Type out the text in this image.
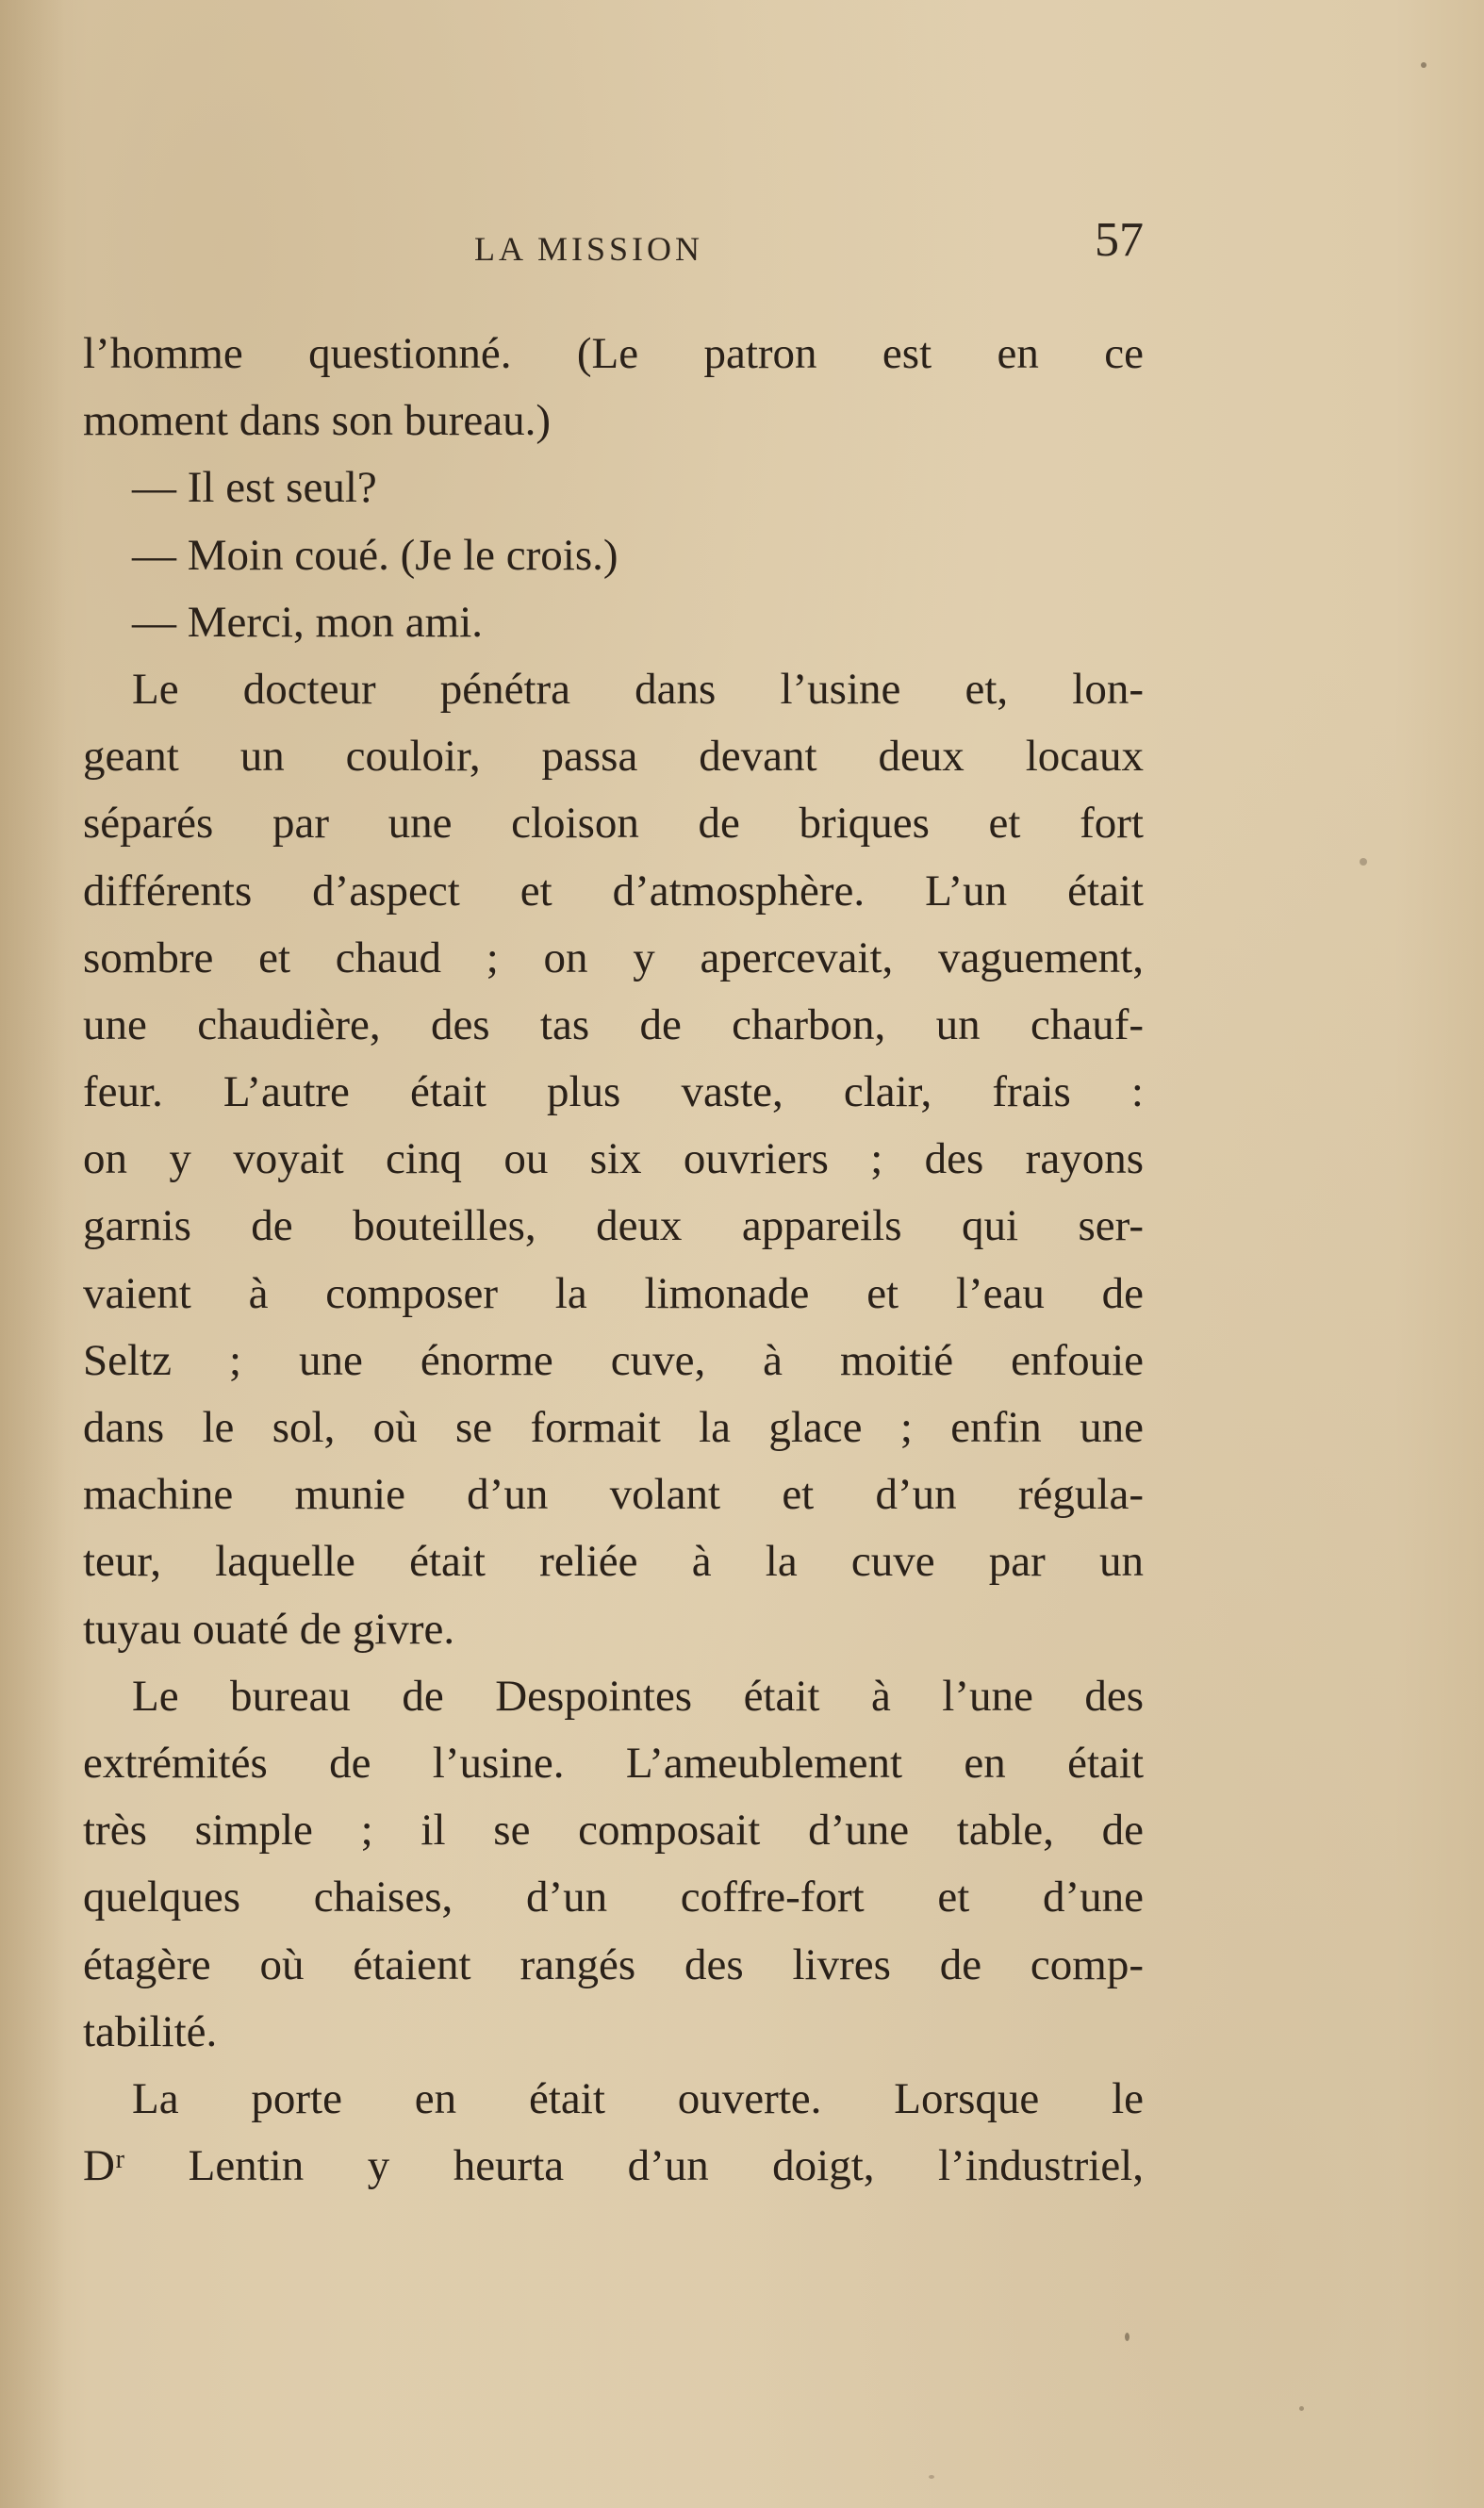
LA MISSION	57
l’homme questionné. (Le patron est en ce
moment dans son bureau.)
— Il est seul?
— Moin coué. (Je le crois.)
— Merci, mon ami.
Le docteur pénétra dans l’usine et, lon-
geant un couloir, passa devant deux locaux
séparés par une cloison de briques et fort
différents d’aspect et d’atmosphère. L’un était
sombre et chaud ; on y apercevait, vaguement,
une chaudière, des tas de charbon, un chauf-
feur. L’autre était plus vaste, clair, frais :
on y voyait cinq ou six ouvriers ; des rayons
garnis de bouteilles, deux appareils qui ser-
vaient à composer la limonade et l’eau de
Seltz ; une énorme cuve, à moitié enfouie
dans le sol, où se formait la glace ; enfin une
machine munie d’un volant et d’un régula-
teur, laquelle était reliée à la cuve par un
tuyau ouaté de givre.
Le bureau de Despointes était à l’une des
extrémités de l’usine. L’ameublement en était
très simple ; il se composait d’une table, de
quelques chaises, d’un coffre-fort et d’une
étagère où étaient rangés des livres de comp-
tabilité.
La porte en était ouverte. Lorsque le
Dʳ Lentin y heurta d’un doigt, l’industriel,
